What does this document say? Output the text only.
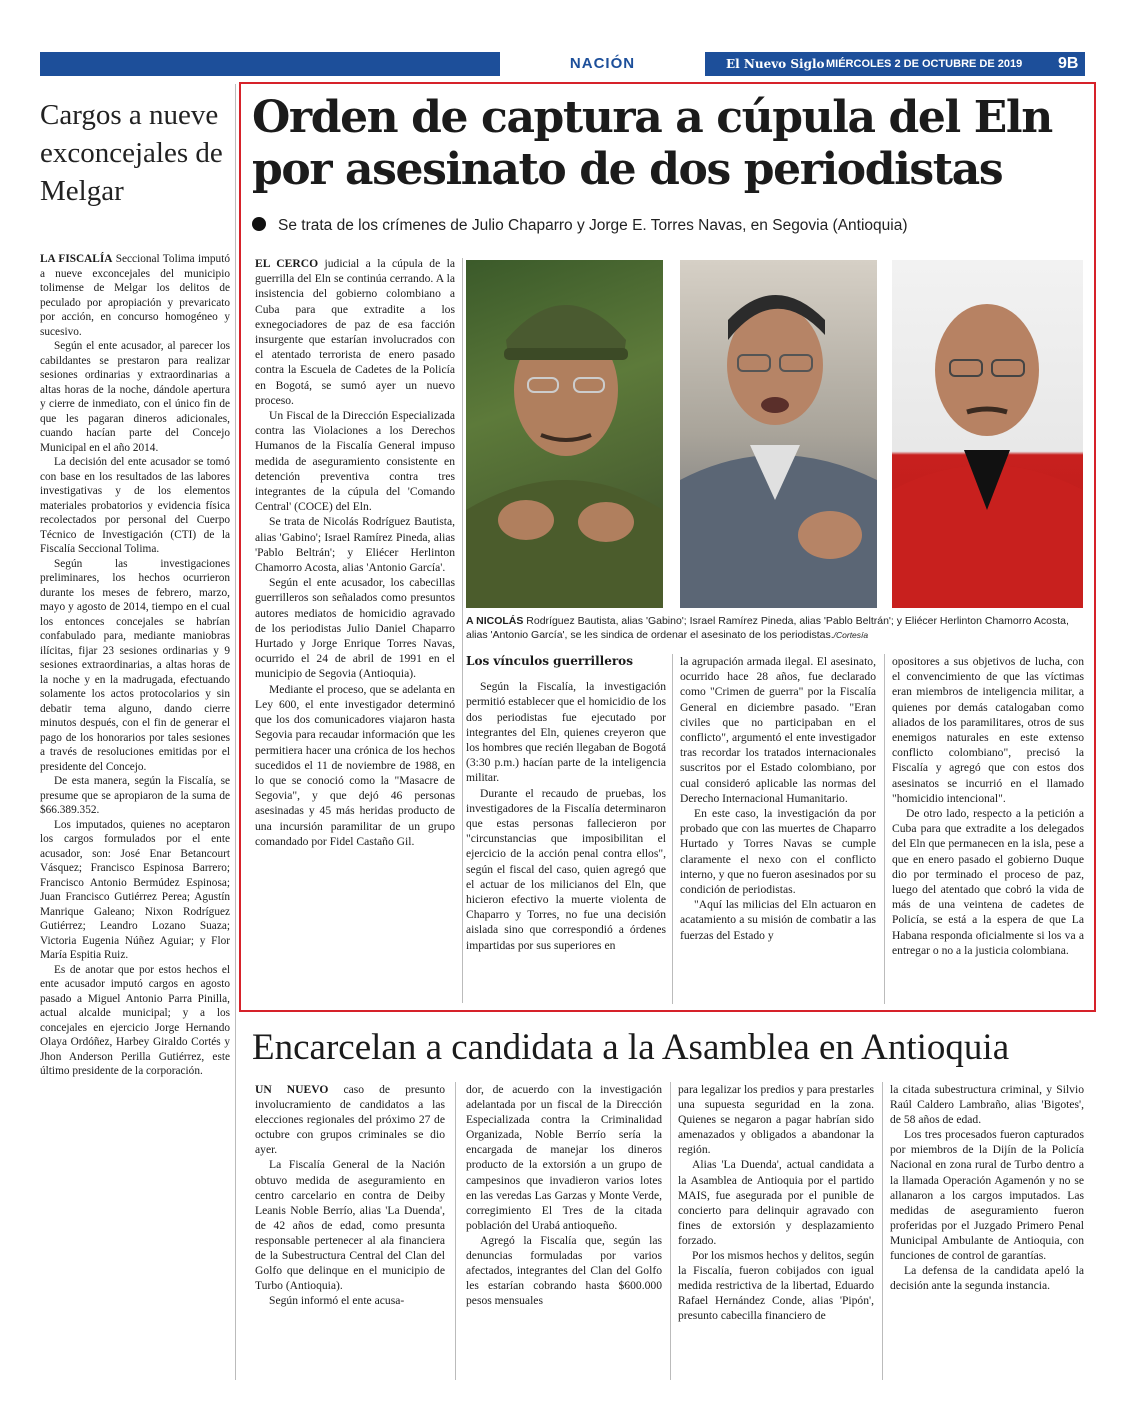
NACIÓN	El Nuevo Siglo MIÉRCOLES 2 DE OCTUBRE DE 2019 9B
Cargos a nueve exconcejales de Melgar

LA FISCALÍA Seccional Tolima imputó a nueve exconcejales del municipio tolimense de Melgar los delitos de peculado por apropiación y prevaricato por acción, en concurso homogéneo y sucesivo.

Según el ente acusador, al parecer los cabildantes se prestaron para realizar sesiones ordinarias y extraordinarias a altas horas de la noche, dándole apertura y cierre de inmediato, con el único fin de que les pagaran dineros adicionales, cuando hacían parte del Concejo Municipal en el año 2014.

La decisión del ente acusador se tomó con base en los resultados de las labores investigativas y de los elementos materiales probatorios y evidencia física recolectados por personal del Cuerpo Técnico de Investigación (CTI) de la Fiscalía Seccional Tolima.

Según las investigaciones preliminares, los hechos ocurrieron durante los meses de febrero, marzo, mayo y agosto de 2014, tiempo en el cual los entonces concejales se habrían confabulado para, mediante maniobras ilícitas, fijar 23 sesiones ordinarias y 9 sesiones extraordinarias, a altas horas de la noche y en la madrugada, efectuando solamente los actos protocolarios y sin debatir tema alguno, dando cierre minutos después, con el fin de generar el pago de los honorarios por tales sesiones a través de resoluciones emitidas por el presidente del Concejo.

De esta manera, según la Fiscalía, se presume que se apropiaron de la suma de $66.389.352.

Los imputados, quienes no aceptaron los cargos formulados por el ente acusador, son: José Enar Betancourt Vásquez; Francisco Espinosa Barrero; Francisco Antonio Bermúdez Espinosa; Juan Francisco Gutiérrez Perea; Agustín Manrique Galeano; Nixon Rodríguez Gutiérrez; Leandro Lozano Suaza; Victoria Eugenia Núñez Aguiar; y Flor María Espitia Ruiz.

Es de anotar que por estos hechos el ente acusador imputó cargos en agosto pasado a Miguel Antonio Parra Pinilla, actual alcalde municipal; y a los concejales en ejercicio Jorge Hernando Olaya Ordóñez, Harbey Giraldo Cortés y Jhon Anderson Perilla Gutiérrez, este último presidente de la corporación.

Orden de captura a cúpula del Eln por asesinato de dos periodistas
Se trata de los crímenes de Julio Chaparro y Jorge E. Torres Navas, en Segovia (Antioquia)

EL CERCO judicial a la cúpula de la guerrilla del Eln se continúa cerrando. A la insistencia del gobierno colombiano a Cuba para que extradite a los exnegociadores de paz de esa facción insurgente que estarían involucrados con el atentado terrorista de enero pasado contra la Escuela de Cadetes de la Policía en Bogotá, se sumó ayer un nuevo proceso.

Un Fiscal de la Dirección Especializada contra las Violaciones a los Derechos Humanos de la Fiscalía General impuso medida de aseguramiento consistente en detención preventiva contra tres integrantes de la cúpula del 'Comando Central' (COCE) del Eln.

Se trata de Nicolás Rodríguez Bautista, alias 'Gabino'; Israel Ramírez Pineda, alias 'Pablo Beltrán'; y Eliécer Herlinton Chamorro Acosta, alias 'Antonio García'.

Según el ente acusador, los cabecillas guerrilleros son señalados como presuntos autores mediatos de homicidio agravado de los periodistas Julio Daniel Chaparro Hurtado y Jorge Enrique Torres Navas, ocurrido el 24 de abril de 1991 en el municipio de Segovia (Antioquia).

Mediante el proceso, que se adelanta en Ley 600, el ente investigador determinó que los dos comunicadores viajaron hasta Segovia para recaudar información que les permitiera hacer una crónica de los hechos sucedidos el 11 de noviembre de 1988, en lo que se conoció como la "Masacre de Segovia", y que dejó 46 personas asesinadas y 45 más heridas producto de una incursión paramilitar de un grupo comandado por Fidel Castaño Gil.

A NICOLÁS Rodríguez Bautista, alias 'Gabino'; Israel Ramírez Pineda, alias 'Pablo Beltrán'; y Eliécer Herlinton Chamorro Acosta, alias 'Antonio García', se les sindica de ordenar el asesinato de los periodistas./Cortesía
Los vínculos guerrilleros

Según la Fiscalía, la investigación permitió establecer que el homicidio de los dos periodistas fue ejecutado por integrantes del Eln, quienes creyeron que los hombres que recién llegaban de Bogotá (3:30 p.m.) hacían parte de la inteligencia militar.

Durante el recaudo de pruebas, los investigadores de la Fiscalía determinaron que estas personas fallecieron por "circunstancias que imposibilitan el ejercicio de la acción penal contra ellos", según el fiscal del caso, quien agregó que el actuar de los milicianos del Eln, que hicieron efectivo la muerte violenta de Chaparro y Torres, no fue una decisión aislada sino que correspondió a órdenes impartidas por sus superiores en

la agrupación armada ilegal. El asesinato, ocurrido hace 28 años, fue declarado como "Crimen de guerra" por la Fiscalía General en diciembre pasado. "Eran civiles que no participaban en el conflicto", argumentó el ente investigador tras recordar los tratados internacionales suscritos por el Estado colombiano, por cual consideró aplicable las normas del Derecho Internacional Humanitario.

En este caso, la investigación da por probado que con las muertes de Chaparro Hurtado y Torres Navas se cumple claramente el nexo con el conflicto interno, y que no fueron asesinados por su condición de periodistas.

"Aquí las milicias del Eln actuaron en acatamiento a su misión de combatir a las fuerzas del Estado y

opositores a sus objetivos de lucha, con el convencimiento de que las víctimas eran miembros de inteligencia militar, a quienes por demás catalogaban como aliados de los paramilitares, otros de sus enemigos naturales en este extenso conflicto colombiano", precisó la Fiscalía y agregó que con estos dos asesinatos se incurrió en el llamado "homicidio intencional".

De otro lado, respecto a la petición a Cuba para que extradite a los delegados del Eln que permanecen en la isla, pese a que en enero pasado el gobierno Duque dio por terminado el proceso de paz, luego del atentado que cobró la vida de más de una veintena de cadetes de Policía, se está a la espera de que La Habana responda oficialmente si los va a entregar o no a la justicia colombiana.

Encarcelan a candidata a la Asamblea en Antioquia

UN NUEVO caso de presunto involucramiento de candidatos a las elecciones regionales del próximo 27 de octubre con grupos criminales se dio ayer.

La Fiscalía General de la Nación obtuvo medida de aseguramiento en centro carcelario en contra de Deiby Leanis Noble Berrío, alias 'La Duenda', de 42 años de edad, como presunta responsable pertenecer al ala financiera de la Subestructura Central del Clan del Golfo que delinque en el municipio de Turbo (Antioquia).

Según informó el ente acusa-

dor, de acuerdo con la investigación adelantada por un fiscal de la Dirección Especializada contra la Criminalidad Organizada, Noble Berrío sería la encargada de manejar los dineros producto de la extorsión a un grupo de campesinos que invadieron varios lotes en las veredas Las Garzas y Monte Verde, corregimiento El Tres de la citada población del Urabá antioqueño.

Agregó la Fiscalía que, según las denuncias formuladas por varios afectados, integrantes del Clan del Golfo les estarían cobrando hasta $600.000 pesos mensuales

para legalizar los predios y para prestarles una supuesta seguridad en la zona. Quienes se negaron a pagar habrían sido amenazados y obligados a abandonar la región.

Alias 'La Duenda', actual candidata a la Asamblea de Antioquia por el partido MAIS, fue asegurada por el punible de concierto para delinquir agravado con fines de extorsión y desplazamiento forzado.

Por los mismos hechos y delitos, según la Fiscalía, fueron cobijados con igual medida restrictiva de la libertad, Eduardo Rafael Hernández Conde, alias 'Pipón', presunto cabecilla financiero de

la citada subestructura criminal, y Silvio Raúl Caldero Lambraño, alias 'Bigotes', de 58 años de edad.

Los tres procesados fueron capturados por miembros de la Dijín de la Policía Nacional en zona rural de Turbo dentro a la llamada Operación Agamenón y no se allanaron a los cargos imputados. Las medidas de aseguramiento fueron proferidas por el Juzgado Primero Penal Municipal Ambulante de Antioquia, con funciones de control de garantías.

La defensa de la candidata apeló la decisión ante la segunda instancia.
